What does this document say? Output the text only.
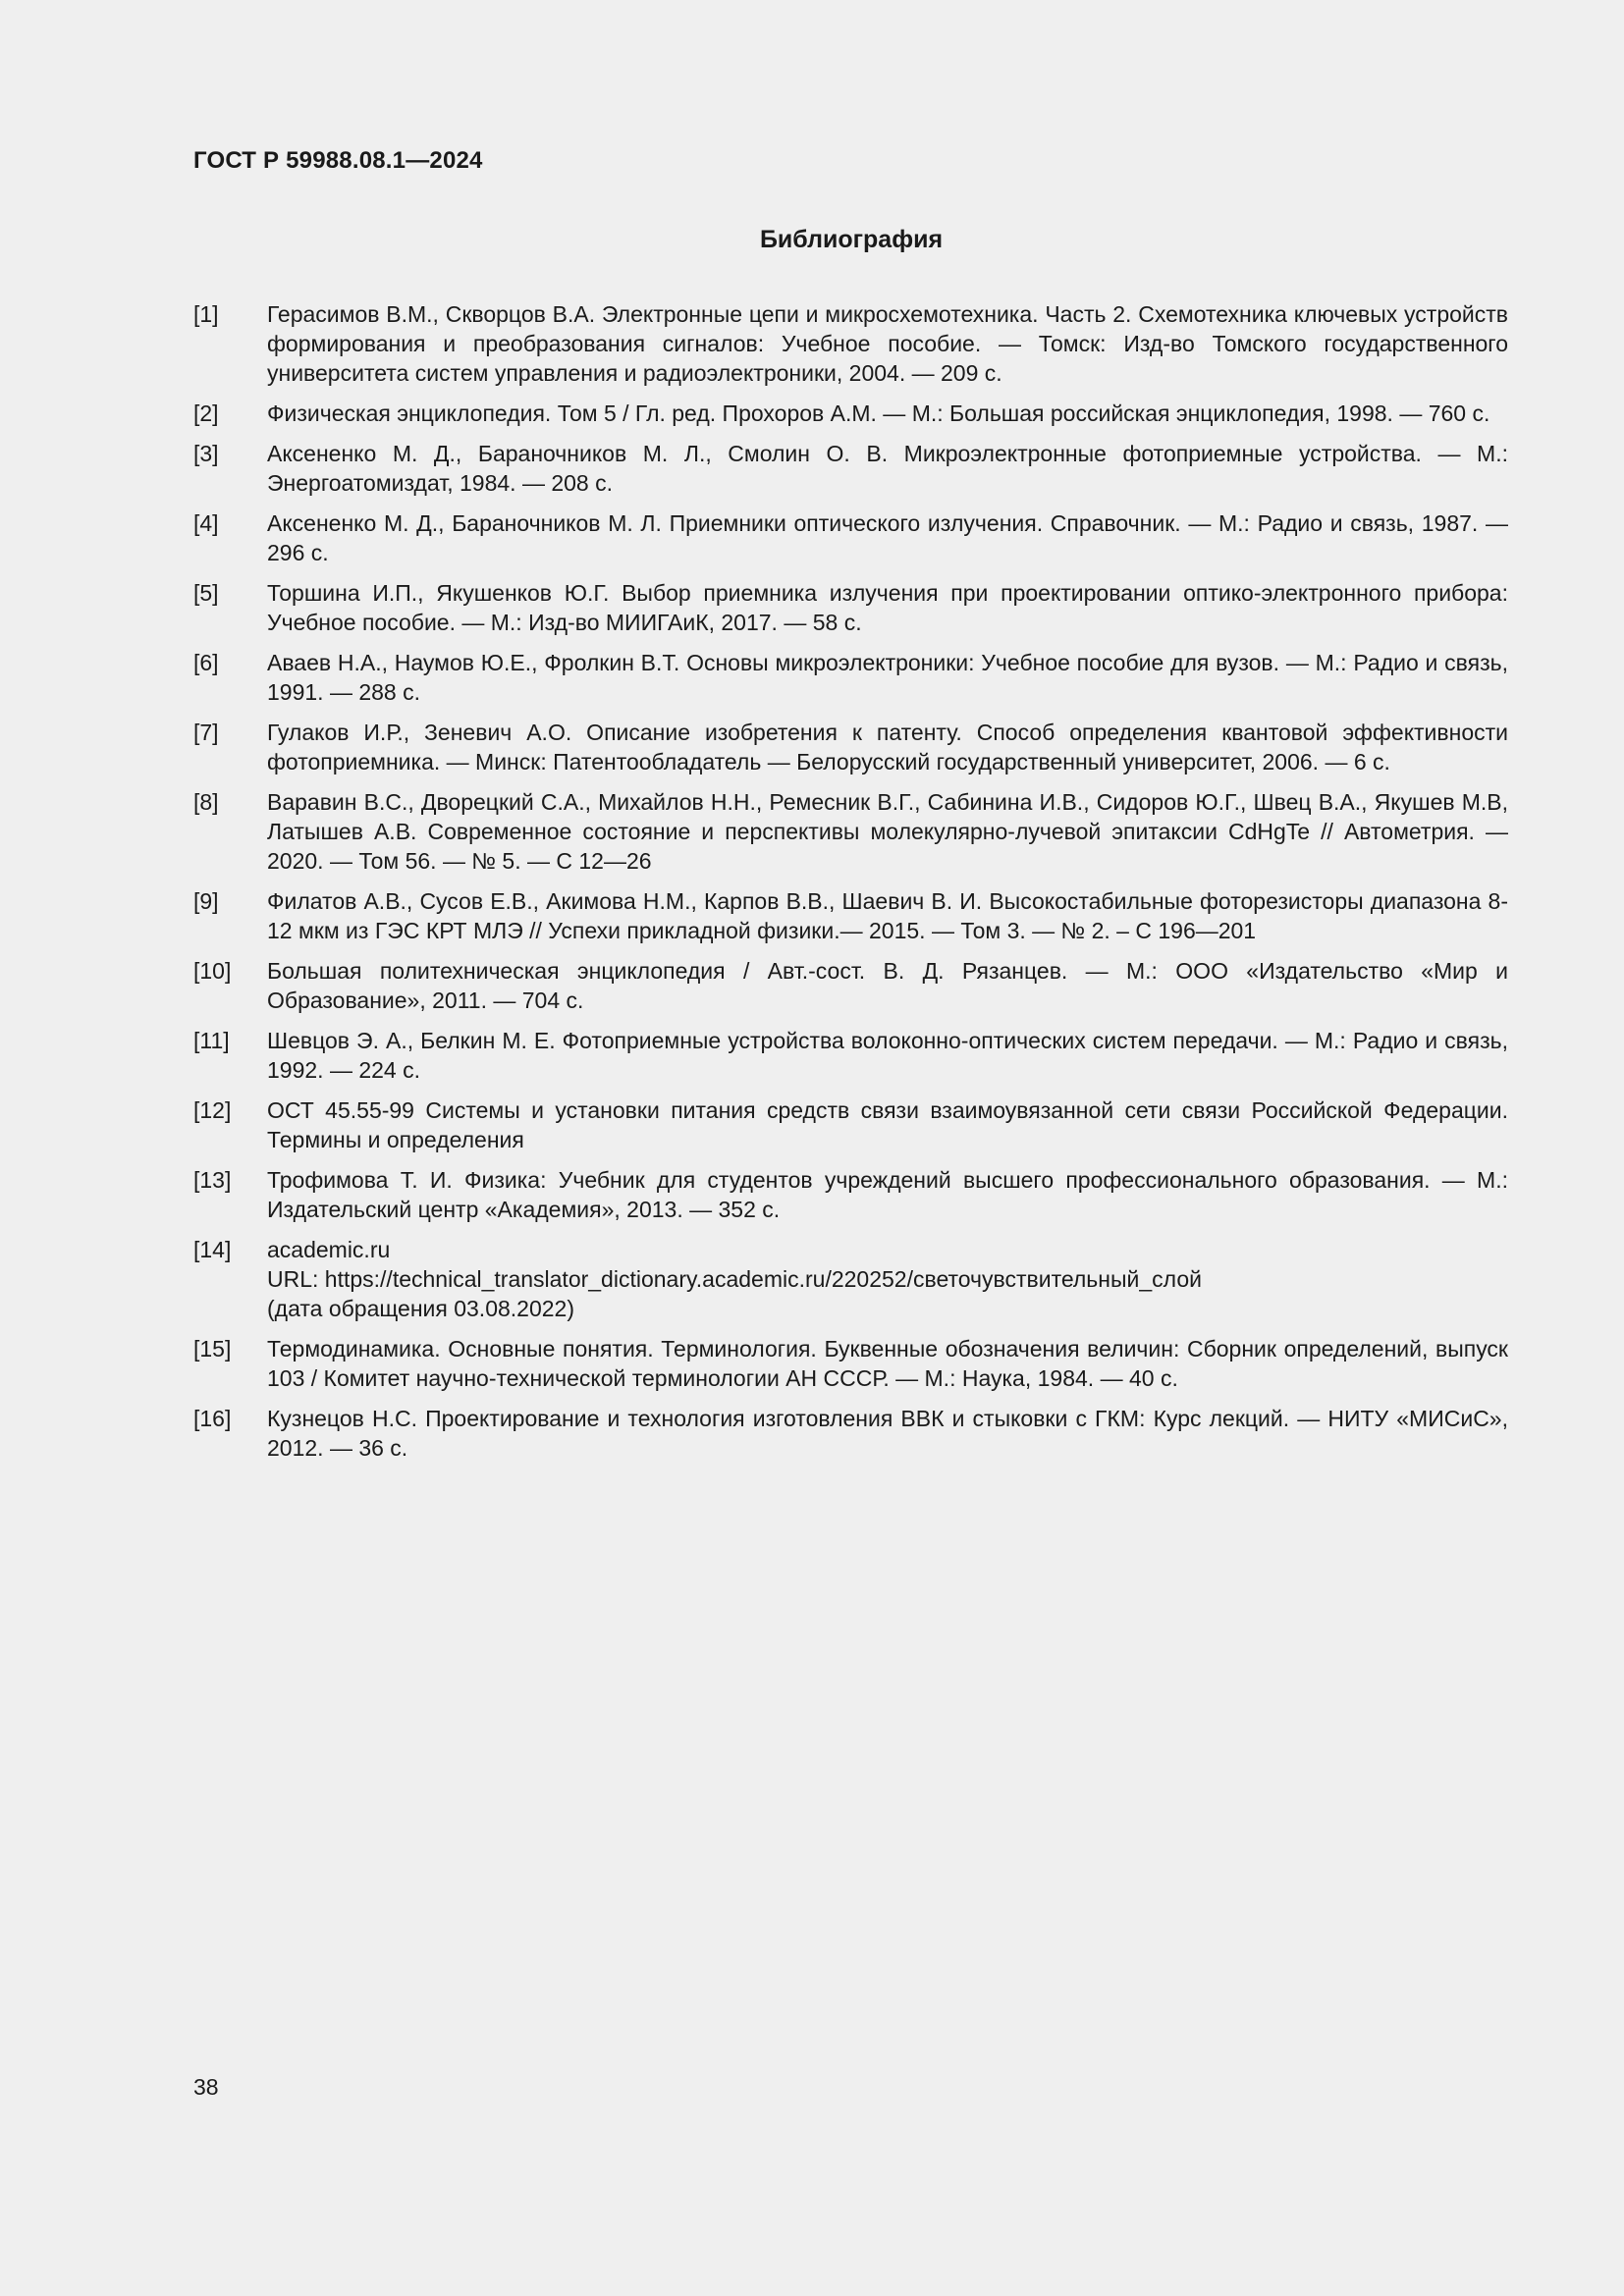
ГОСТ Р 59988.08.1—2024
Библиография
[1]	Герасимов В.М., Скворцов В.А. Электронные цепи и микросхемотехника. Часть 2. Схемотехника ключевых устройств формирования и преобразования сигналов: Учебное пособие. — Томск: Изд-во Томского государственного университета систем управления и радиоэлектроники, 2004. — 209 с.
[2]	Физическая энциклопедия. Том 5 / Гл. ред. Прохоров А.М. — М.: Большая российская энциклопедия, 1998. — 760 с.
[3]	Аксененко М. Д., Бараночников М. Л., Смолин О. В. Микроэлектронные фотоприемные устройства. — М.: Энергоатомиздат, 1984. — 208 с.
[4]	Аксененко М. Д., Бараночников М. Л. Приемники оптического излучения. Справочник. — М.: Радио и связь, 1987. — 296 с.
[5]	Торшина И.П., Якушенков Ю.Г. Выбор приемника излучения при проектировании оптико-электронного прибора: Учебное пособие. — М.: Изд-во МИИГАиК, 2017. — 58 с.
[6]	Аваев Н.А., Наумов Ю.Е., Фролкин В.Т. Основы микроэлектроники: Учебное пособие для вузов. — М.: Радио и связь, 1991. — 288 с.
[7]	Гулаков И.Р., Зеневич А.О. Описание изобретения к патенту. Способ определения квантовой эффективности фотоприемника. — Минск: Патентообладатель — Белорусский государственный университет, 2006. — 6 с.
[8]	Варавин В.С., Дворецкий С.А., Михайлов Н.Н., Ремесник В.Г., Сабинина И.В., Сидоров Ю.Г., Швец В.А., Якушев М.В, Латышев А.В. Современное состояние и перспективы молекулярно-лучевой эпитаксии CdHgTe // Автометрия. — 2020. — Том 56. — № 5. — С 12—26
[9]	Филатов А.В., Сусов Е.В., Акимова Н.М., Карпов В.В., Шаевич В. И. Высокостабильные фоторезисторы диапазона 8-12 мкм из ГЭС КРТ МЛЭ // Успехи прикладной физики.— 2015. — Том 3. — № 2. – С 196—201
[10]	Большая политехническая энциклопедия / Авт.-сост. В. Д. Рязанцев. — М.: ООО «Издательство «Мир и Образование», 2011. — 704 с.
[11]	Шевцов Э. А., Белкин М. Е. Фотоприемные устройства волоконно-оптических систем передачи. — М.: Радио и связь, 1992. — 224 с.
[12]	ОСТ 45.55-99 Системы и установки питания средств связи взаимоувязанной сети связи Российской Федерации. Термины и определения
[13]	Трофимова Т. И. Физика: Учебник для студентов учреждений высшего профессионального образования. — М.: Издательский центр «Академия», 2013. — 352 с.
[14]	academic.ru
URL: https://technical_translator_dictionary.academic.ru/220252/светочувствительный_слой
(дата обращения 03.08.2022)
[15]	Термодинамика. Основные понятия. Терминология. Буквенные обозначения величин: Сборник определений, выпуск 103 / Комитет научно-технической терминологии АН СССР. — М.: Наука, 1984. — 40 с.
[16]	Кузнецов Н.С. Проектирование и технология изготовления ВВК и стыковки с ГКМ: Курс лекций. — НИТУ «МИСиС», 2012. — 36 с.
38
